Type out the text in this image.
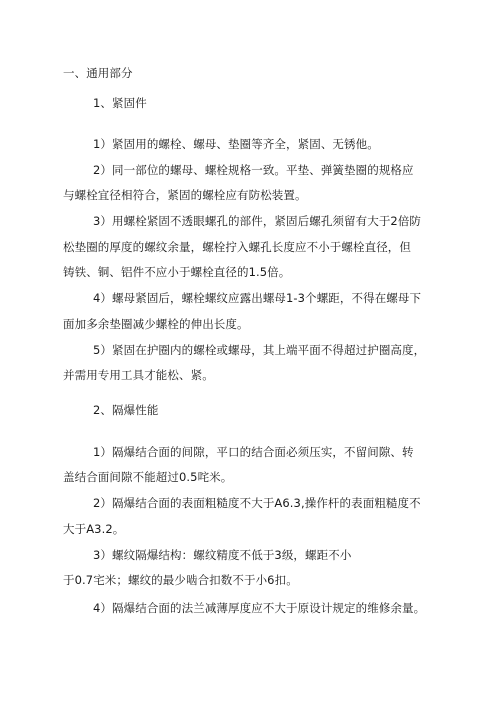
一、通用部分
1、紧固件
1）紧固用的螺栓、螺母、垫圈等齐全，紧固、无锈他。
2）同一部位的螺母、螺栓规格一致。平垫、弹簧垫圈的规格应
与螺栓宜径相符合，紧固的螺栓应有防松装置。
3）用螺栓紧固不透眼螺孔的部件，紧固后螺孔须留有大于2倍防
松垫圈的厚度的螺纹余量，螺栓拧入螺孔长度应不小于螺栓直径，但
铸铁、铜、铝件不应小于螺栓直径的1.5倍。
4）螺母紧固后，螺栓螺纹应露出螺母1-3个螺距，不得在螺母下
面加多余垫圈减少螺栓的伸出长度。
5）紧固在护圈内的螺栓或螺母，其上端平面不得超过护圈高度，
并需用专用工具才能松、紧。
2、隔爆性能
1）隔爆结合面的间隙，平口的结合面必须压实，不留间隙、转
盖结合面间隙不能超过0.5咤米。
2）隔爆结合面的表面粗糙度不大于A6.3,操作杆的表面粗糙度不
大于A3.2。
3）螺纹隔爆结构：螺纹精度不低于3级，螺距不小
于0.7宅米；螺纹的最少啮合扣数不于小6扣。
4）隔爆结合面的法兰减薄厚度应不大于原设计规定的维修余量。
